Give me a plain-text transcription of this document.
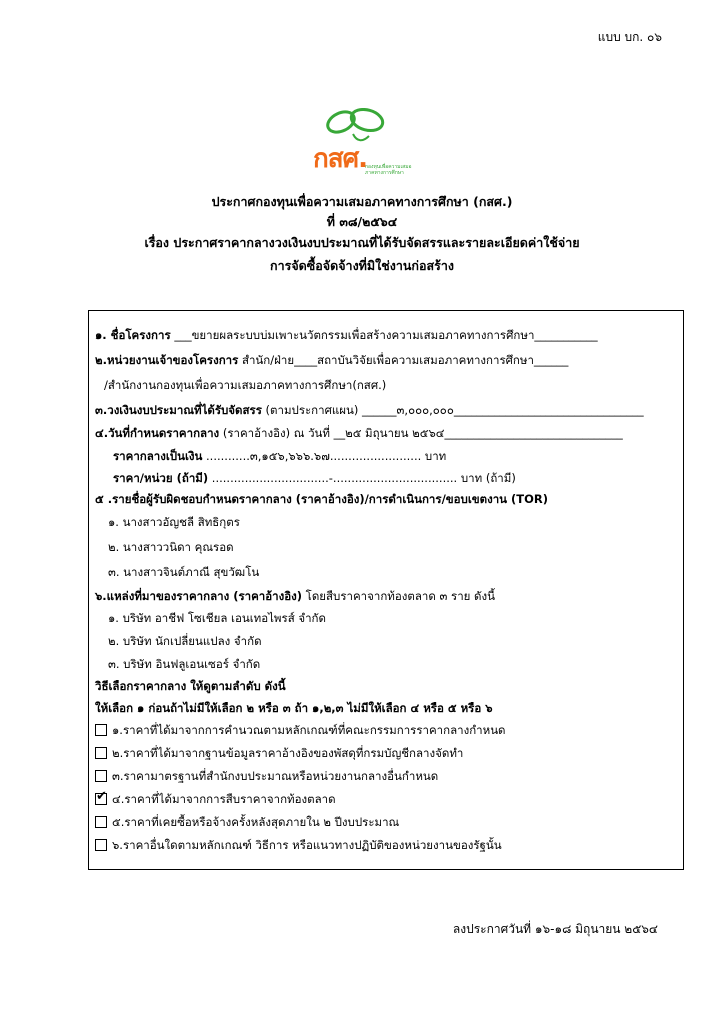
แบบ บก. ๐๖
กสศ.
กองทุนเพื่อความเสมอภาคทางการศึกษา
ประกาศกองทุนเพื่อความเสมอภาคทางการศึกษา (กสศ.)
ที่ ๓๘/๒๕๖๔
เรื่อง ประกาศราคากลางวงเงินงบประมาณที่ได้รับจัดสรรและรายละเอียดค่าใช้จ่าย
การจัดซื้อจัดจ้างที่มิใช่งานก่อสร้าง
๑. ชื่อโครงการ ___ขยายผลระบบบ่มเพาะนวัตกรรมเพื่อสร้างความเสมอภาคทางการศึกษา___________
๒.หน่วยงานเจ้าของโครงการ สำนัก/ฝ่าย____สถาบันวิจัยเพื่อความเสมอภาคทางการศึกษา______
/สำนักงานกองทุนเพื่อความเสมอภาคทางการศึกษา(กสศ.)
๓.วงเงินงบประมาณที่ได้รับจัดสรร (ตามประกาศแผน) ______๓,๐๐๐,๐๐๐_________________________________
๔.วันที่กำหนดราคากลาง (ราคาอ้างอิง) ณ วันที่ __๒๕ มิถุนายน ๒๕๖๔_______________________________
ราคากลางเป็นเงิน ............๓,๑๕๖,๖๖๖.๖๗......................... บาท
ราคา/หน่วย (ถ้ามี) ................................-.................................. บาท (ถ้ามี)
๕ .รายชื่อผู้รับผิดชอบกำหนดราคากลาง (ราคาอ้างอิง)/การดำเนินการ/ขอบเขตงาน (TOR)
๑. นางสาวอัญชลี สิทธิกุตร
๒. นางสาววนิดา คุณรอด
๓. นางสาวจินต์ภาณี สุขวัฒโน
๖.แหล่งที่มาของราคากลาง (ราคาอ้างอิง) โดยสืบราคาจากท้องตลาด ๓ ราย ดังนี้
๑. บริษัท อาชีฟ โซเชียล เอนเทอไพรส์ จำกัด
๒. บริษัท นักเปลี่ยนแปลง จำกัด
๓. บริษัท อินฟลูเอนเซอร์ จำกัด
วิธีเลือกราคากลาง ให้ดูตามลำดับ ดังนี้
ให้เลือก ๑ ก่อนถ้าไม่มีให้เลือก ๒ หรือ ๓ ถ้า ๑,๒,๓ ไม่มีให้เลือก ๔ หรือ ๕ หรือ ๖
๑.ราคาที่ได้มาจากการคำนวณตามหลักเกณฑ์ที่คณะกรรมการราคากลางกำหนด
๒.ราคาที่ได้มาจากฐานข้อมูลราคาอ้างอิงของพัสดุที่กรมบัญชีกลางจัดทำ
๓.ราคามาตรฐานที่สำนักงบประมาณหรือหน่วยงานกลางอื่นกำหนด
✔ ๔.ราคาที่ได้มาจากการสืบราคาจากท้องตลาด
๕.ราคาที่เคยซื้อหรือจ้างครั้งหลังสุดภายใน ๒ ปีงบประมาณ
๖.ราคาอื่นใดตามหลักเกณฑ์ วิธีการ หรือแนวทางปฏิบัติของหน่วยงานของรัฐนั้น
ลงประกาศวันที่ ๑๖-๑๘ มิถุนายน ๒๕๖๔
